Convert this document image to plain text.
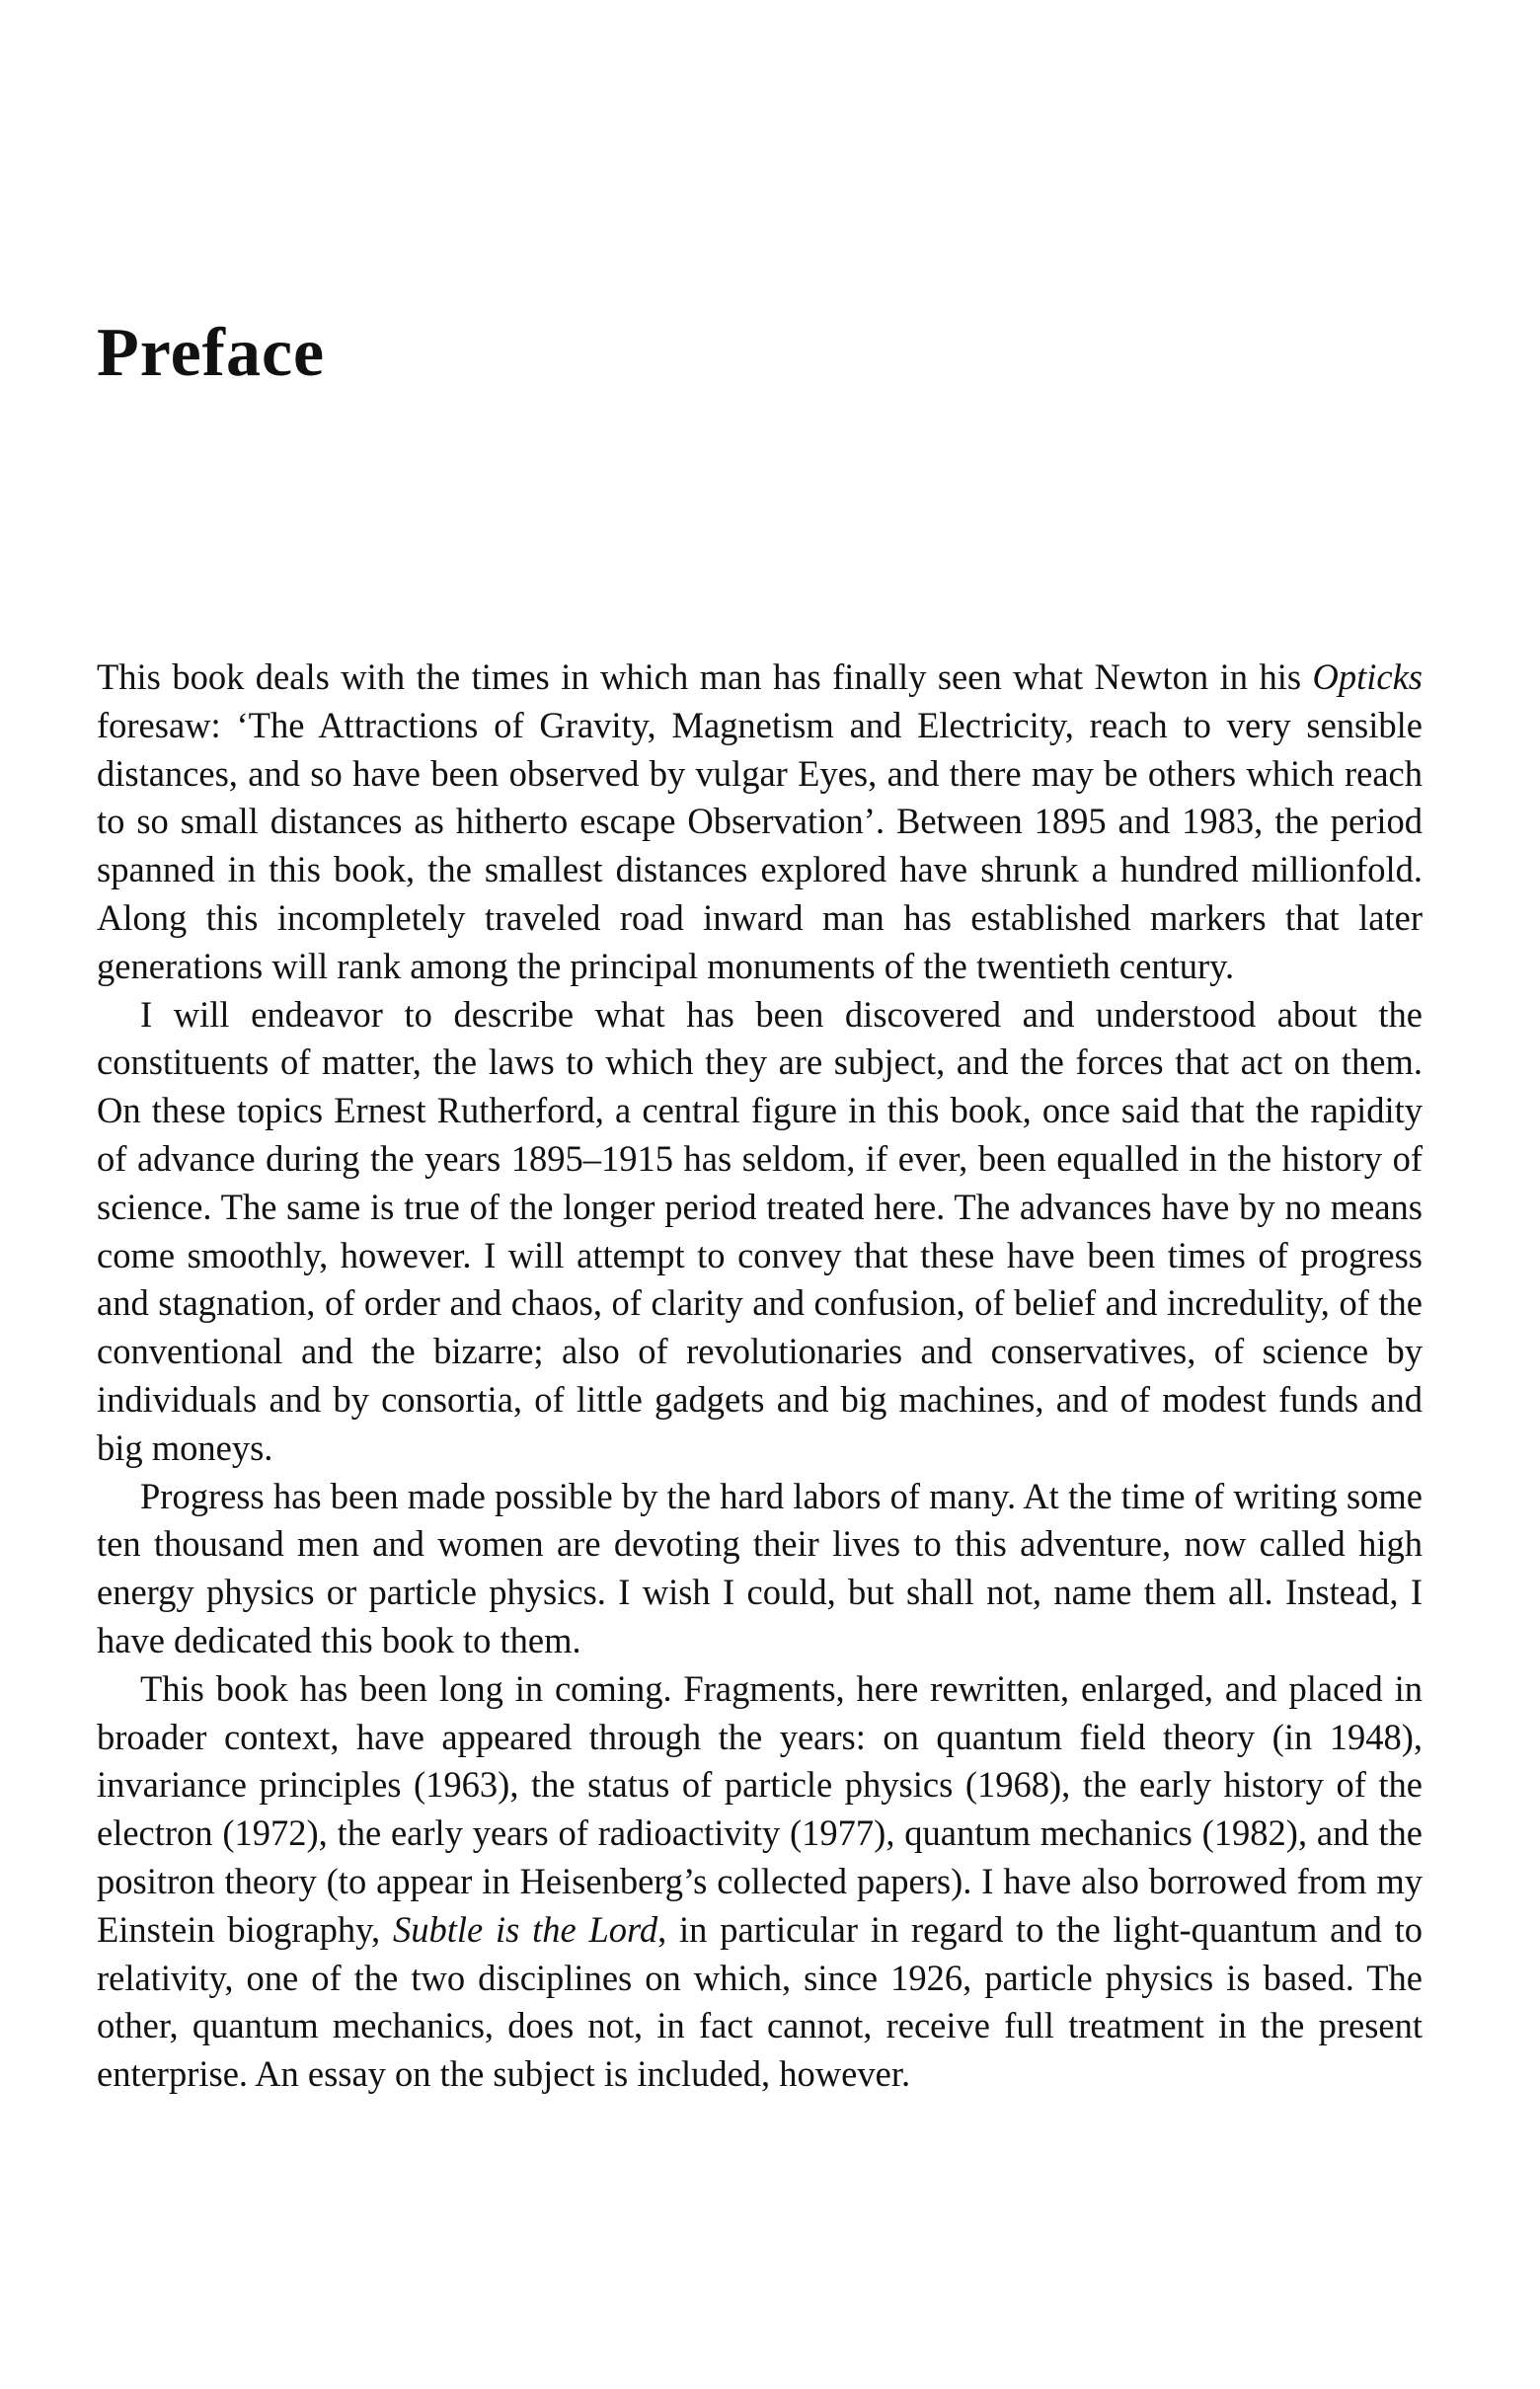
Preface

This book deals with the times in which man has finally seen what Newton in his Opticks foresaw: ‘The Attractions of Gravity, Magnetism and Electricity, reach to very sensible distances, and so have been observed by vulgar Eyes, and there may be others which reach to so small distances as hitherto escape Observation’. Between 1895 and 1983, the period spanned in this book, the smallest distances explored have shrunk a hundred millionfold. Along this incompletely traveled road inward man has established markers that later generations will rank among the principal monuments of the twentieth century.

I will endeavor to describe what has been discovered and understood about the constituents of matter, the laws to which they are subject, and the forces that act on them. On these topics Ernest Rutherford, a central figure in this book, once said that the rapidity of advance during the years 1895–1915 has seldom, if ever, been equalled in the history of science. The same is true of the longer period treated here. The advances have by no means come smoothly, however. I will attempt to convey that these have been times of progress and stagnation, of order and chaos, of clarity and confusion, of belief and incredulity, of the conventional and the bizarre; also of revolutionaries and conservatives, of science by individuals and by consortia, of little gadgets and big machines, and of modest funds and big moneys.

Progress has been made possible by the hard labors of many. At the time of writing some ten thousand men and women are devoting their lives to this adventure, now called high energy physics or particle physics. I wish I could, but shall not, name them all. Instead, I have dedicated this book to them.

This book has been long in coming. Fragments, here rewritten, enlarged, and placed in broader context, have appeared through the years: on quantum field theory (in 1948), invariance principles (1963), the status of particle physics (1968), the early history of the electron (1972), the early years of radioactivity (1977), quantum mechanics (1982), and the positron theory (to appear in Heisenberg’s collected papers). I have also borrowed from my Einstein biography, Subtle is the Lord, in particular in regard to the light-quantum and to relativity, one of the two disciplines on which, since 1926, particle physics is based. The other, quantum mechanics, does not, in fact cannot, receive full treatment in the present enterprise. An essay on the subject is included, however.
